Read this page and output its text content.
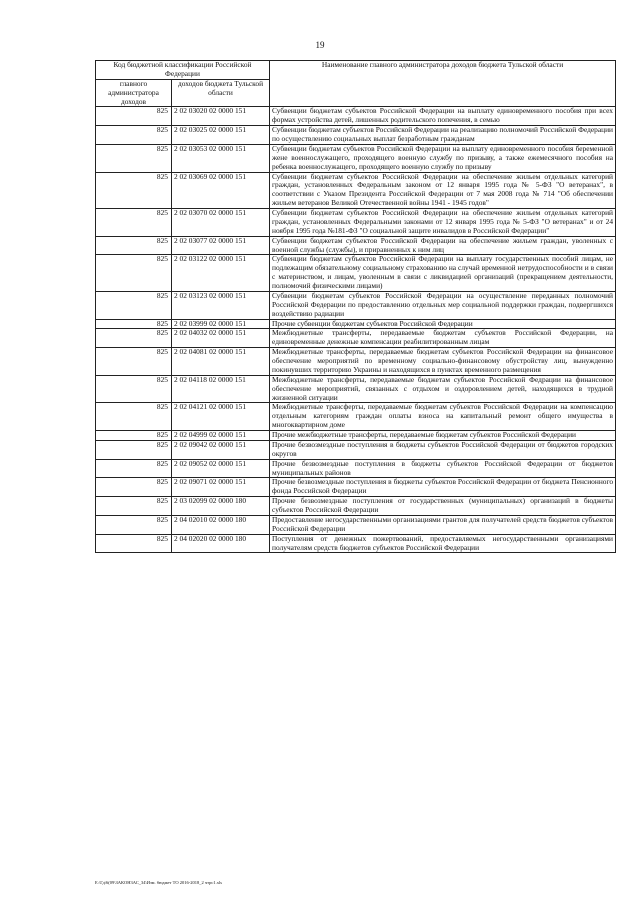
19
Код бюджетной классификации Российской Федерации		Наименование главного администратора доходов бюджета Тульской области
главного администратора доходов	доходов бюджета Тульской области	
825	2 02 03020 02 0000 151	Субвенции бюджетам субъектов Российской Федерации на выплату единовременного пособия при всех формах устройства детей, лишенных родительского попечения, в семью
825	2 02 03025 02 0000 151	Субвенции бюджетам субъектов Российской Федерации на реализацию полномочий Российской Федерации по осуществлению социальных выплат безработным гражданам
825	2 02 03053 02 0000 151	Субвенции бюджетам субъектов Российской Федерации на выплату единовременного пособия беременной жене военнослужащего, проходящего военную службу по призыву, а также ежемесячного пособия на ребенка военнослужащего, проходящего военную службу по призыву
825	2 02 03069 02 0000 151	Субвенции бюджетам субъектов Российской Федерации на обеспечение жильем отдельных категорий граждан, установленных Федеральным законом от 12 января 1995 года № 5-ФЗ "О ветеранах", в соответствии с Указом Президента Российской Федерации от 7 мая 2008 года № 714 "Об обеспечении жильем ветеранов Великой Отечественной войны 1941 - 1945 годов"
825	2 02 03070 02 0000 151	Субвенции бюджетам субъектов Российской Федерации на обеспечение жильем отдельных категорий граждан, установленных Федеральными законами от 12 января 1995 года № 5-ФЗ "О ветеранах" и от 24 ноября 1995 года №181-ФЗ "О социальной защите инвалидов в Российской Федерации"
825	2 02 03077 02 0000 151	Субвенции бюджетам субъектов Российской Федерации на обеспечение жильем граждан, уволенных с военной службы (службы), и приравненных к ним лиц
825	2 02 03122 02 0000 151	Субвенции бюджетам субъектов Российской Федерации на выплату государственных пособий лицам, не подлежащим обязательному социальному страхованию на случай временной нетрудоспособности и в связи с материнством, и лицам, уволенным в связи с ликвидацией организаций (прекращением деятельности, полномочий физическими лицами)
825	2 02 03123 02 0000 151	Субвенции бюджетам субъектов Российской Федерации на осуществление переданных полномочий Российской Федерации по предоставлению отдельных мер социальной поддержки граждан, подвергшихся воздействию радиации
825	2 02 03999 02 0000 151	Прочие субвенции бюджетам субъектов Российской Федерации
825	2 02 04032 02 0000 151	Межбюджетные трансферты, передаваемые бюджетам субъектов Российской Федерации, на единовременные денежные компенсации реабилитированным лицам
825	2 02 04081 02 0000 151	Межбюджетные трансферты, передаваемые бюджетам субъектов Российской Федерации на финансовое обеспечение мероприятий по временному социально-финансовому обустройству лиц, вынужденно покинувших территорию Украины и находящихся в пунктах временного размещения
825	2 02 04118 02 0000 151	Межбюджетные трансферты, передаваемые бюджетам субъектов Российской Федрации на финансовое обеспечение мероприятий, связанных с отдыхом и оздоровлением детей, находящихся в трудной жизненной ситуации
825	2 02 04121 02 0000 151	Межбюджетные трансферты, передаваемые бюджетам субъектов Российской Федерации на компенсацию отдельным категориям граждан оплаты взноса на капитальный ремонт общего имущества в многоквартирном доме
825	2 02 04999 02 0000 151	Прочие межбюджетные трансферты, передаваемые бюджетам субъектов Российской Федерации
825	2 02 09042 02 0000 151	Прочие безвозмездные поступления в бюджеты субъектов Российской Федерации от бюджетов городских округов
825	2 02 09052 02 0000 151	Прочие безвозмездные поступления в бюджеты субъектов Российской Федерации от бюджетов муниципальных районов
825	2 02 09071 02 0000 151	Прочие безвозмездные поступления в бюджеты субъектов Российской Федерации от бюджета Пенсионного фонда Российской Федерации
825	2 03 02099 02 0000 180	Прочие безвозмездные поступления от государственных (муниципальных) организаций в бюджеты субъектов Российской Федерации
825	2 04 02010 02 0000 180	Предоставление негосударственными организациями грантов для получателей средств бюджетов субъектов Российской Федерации
825	2 04 02020 02 0000 180	Поступления от денежных пожертвований, предоставляемых негосударственными организациями получателям средств бюджетов субъектов Российской Федерации
E:\Гд\6(09\ЗАКОН3АС_34\Изм. бюджет ТО 2016-2018_2 чтрс1.xls
